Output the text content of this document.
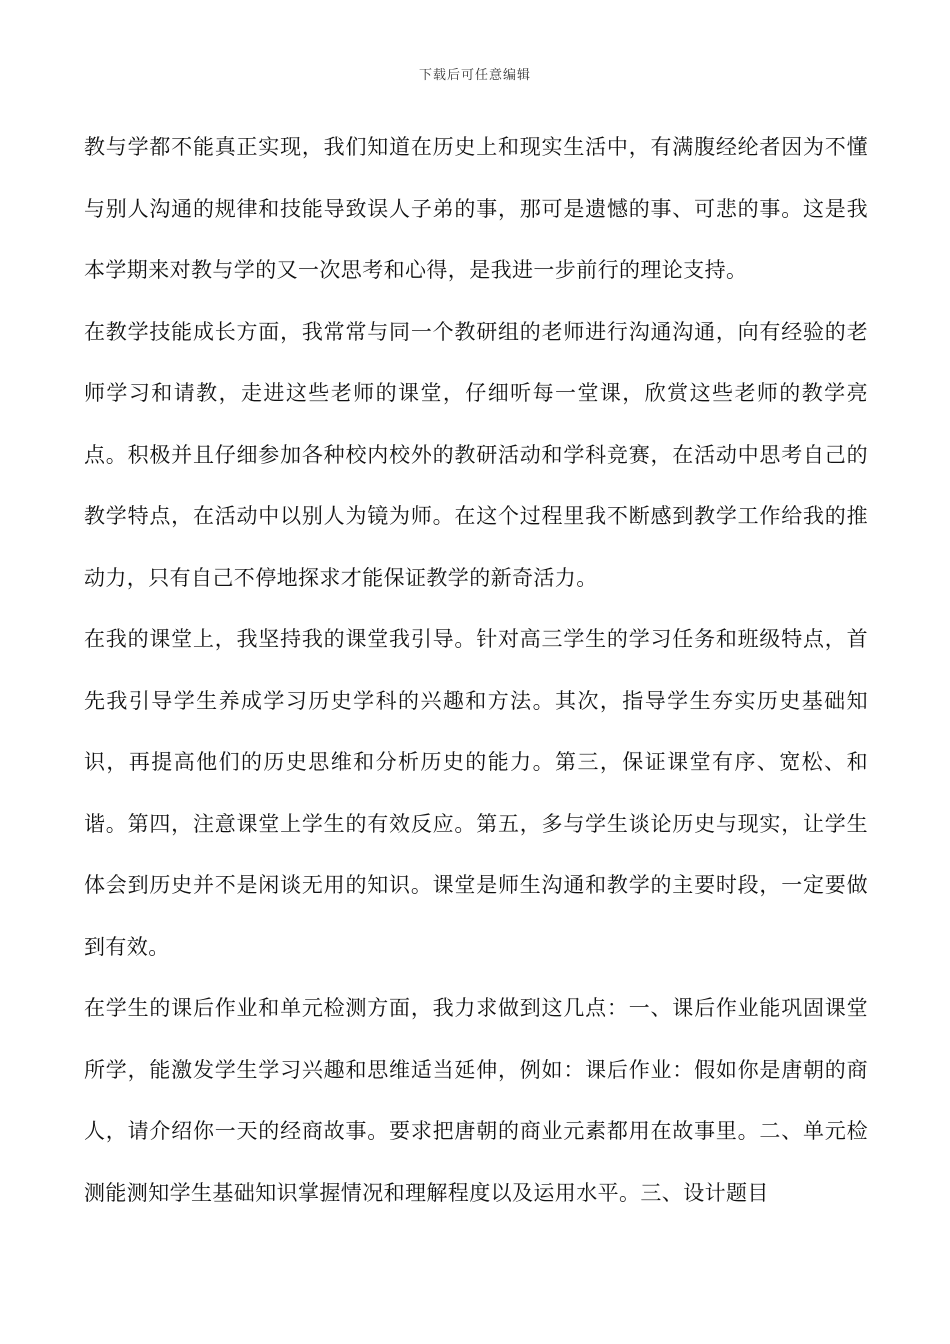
下载后可任意编辑

教与学都不能真正实现，我们知道在历史上和现实生活中，有满腹经纶者因为不懂与别人沟通的规律和技能导致误人子弟的事，那可是遗憾的事、可悲的事。这是我本学期来对教与学的又一次思考和心得，是我进一步前行的理论支持。

在教学技能成长方面，我常常与同一个教研组的老师进行沟通沟通，向有经验的老师学习和请教，走进这些老师的课堂，仔细听每一堂课，欣赏这些老师的教学亮点。积极并且仔细参加各种校内校外的教研活动和学科竞赛，在活动中思考自己的教学特点，在活动中以别人为镜为师。在这个过程里我不断感到教学工作给我的推动力，只有自己不停地探求才能保证教学的新奇活力。

在我的课堂上，我坚持我的课堂我引导。针对高三学生的学习任务和班级特点，首先我引导学生养成学习历史学科的兴趣和方法。其次，指导学生夯实历史基础知识，再提高他们的历史思维和分析历史的能力。第三，保证课堂有序、宽松、和谐。第四，注意课堂上学生的有效反应。第五，多与学生谈论历史与现实，让学生体会到历史并不是闲谈无用的知识。课堂是师生沟通和教学的主要时段，一定要做到有效。

在学生的课后作业和单元检测方面，我力求做到这几点：一、课后作业能巩固课堂所学，能激发学生学习兴趣和思维适当延伸，例如：课后作业：假如你是唐朝的商人，请介绍你一天的经商故事。要求把唐朝的商业元素都用在故事里。二、单元检测能测知学生基础知识掌握情况和理解程度以及运用水平。三、设计题目
